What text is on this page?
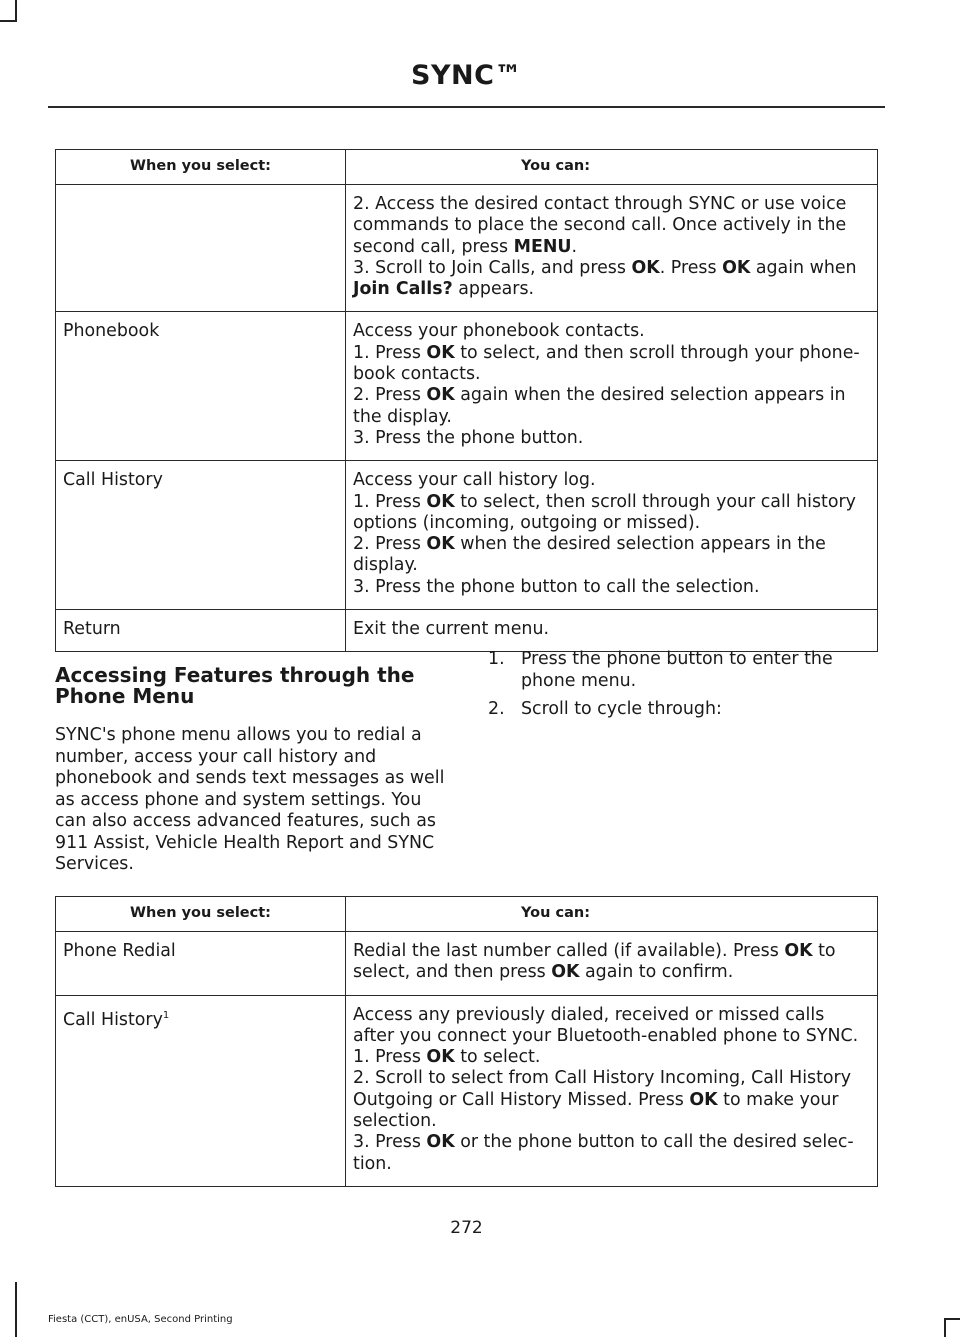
SYNC™
When you select:	You can:

	2. Access the desired contact through SYNC or use voice commands to place the second call. Once actively in the second call, press MENU.
3. Scroll to Join Calls, and press OK. Press OK again when Join Calls? appears.

Phonebook	Access your phonebook contacts.
1. Press OK to select, and then scroll through your phone-book contacts.
2. Press OK again when the desired selection appears in the display.
3. Press the phone button.

Call History	Access your call history log.
1. Press OK to select, then scroll through your call history options (incoming, outgoing or missed).
2. Press OK when the desired selection appears in the display.
3. Press the phone button to call the selection.

Return	Exit the current menu.
Accessing Features through the Phone Menu
SYNC's phone menu allows you to redial a number, access your call history and phonebook and sends text messages as well as access phone and system settings. You can also access advanced features, such as 911 Assist, Vehicle Health Report and SYNC Services.
1. Press the phone button to enter the phone menu.
2. Scroll to cycle through:
When you select:	You can:
Phone Redial	Redial the last number called (if available). Press OK to select, and then press OK again to confirm.

Call History$^1$	Access any previously dialed, received or missed calls after you connect your Bluetooth-enabled phone to SYNC.
1. Press OK to select.
2. Scroll to select from Call History Incoming, Call History Outgoing or Call History Missed. Press OK to make your selection.
3. Press OK or the phone button to call the desired selec-tion.
272
Fiesta (CCT), enUSA, Second Printing
